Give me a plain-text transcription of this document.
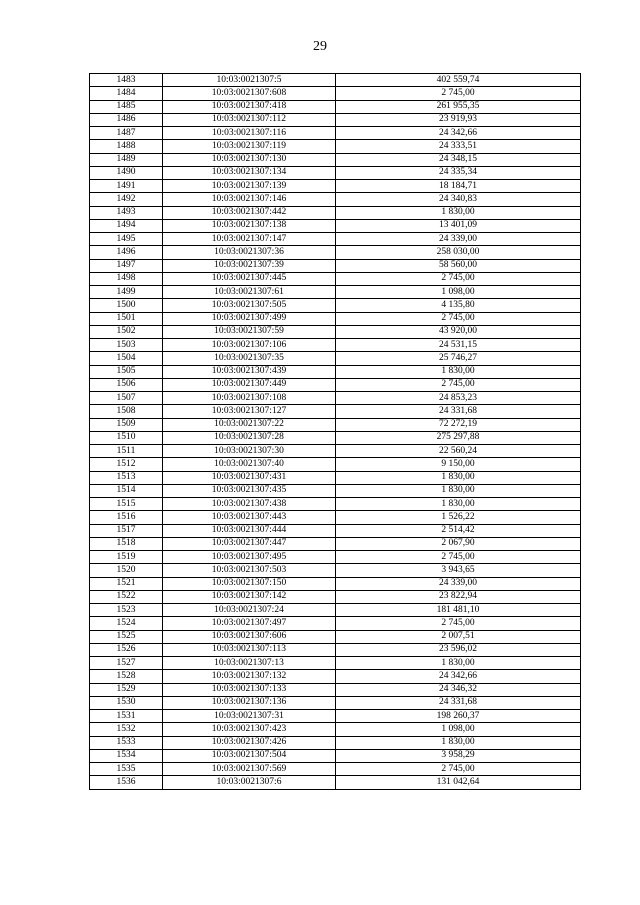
29
1483	10:03:0021307:5	402 559,74
1484	10:03:0021307:608	2 745,00
1485	10:03:0021307:418	261 955,35
1486	10:03:0021307:112	23 919,93
1487	10:03:0021307:116	24 342,66
1488	10:03:0021307:119	24 333,51
1489	10:03:0021307:130	24 348,15
1490	10:03:0021307:134	24 335,34
1491	10:03:0021307:139	18 184,71
1492	10:03:0021307:146	24 340,83
1493	10:03:0021307:442	1 830,00
1494	10:03:0021307:138	13 401,09
1495	10:03:0021307:147	24 339,00
1496	10:03:0021307:36	258 030,00
1497	10:03:0021307:39	58 560,00
1498	10:03:0021307:445	2 745,00
1499	10:03:0021307:61	1 098,00
1500	10:03:0021307:505	4 135,80
1501	10:03:0021307:499	2 745,00
1502	10:03:0021307:59	43 920,00
1503	10:03:0021307:106	24 531,15
1504	10:03:0021307:35	25 746,27
1505	10:03:0021307:439	1 830,00
1506	10:03:0021307:449	2 745,00
1507	10:03:0021307:108	24 853,23
1508	10:03:0021307:127	24 331,68
1509	10:03:0021307:22	72 272,19
1510	10:03:0021307:28	275 297,88
1511	10:03:0021307:30	22 560,24
1512	10:03:0021307:40	9 150,00
1513	10:03:0021307:431	1 830,00
1514	10:03:0021307:435	1 830,00
1515	10:03:0021307:438	1 830,00
1516	10:03:0021307:443	1 526,22
1517	10:03:0021307:444	2 514,42
1518	10:03:0021307:447	2 067,90
1519	10:03:0021307:495	2 745,00
1520	10:03:0021307:503	3 943,65
1521	10:03:0021307:150	24 339,00
1522	10:03:0021307:142	23 822,94
1523	10:03:0021307:24	181 481,10
1524	10:03:0021307:497	2 745,00
1525	10:03:0021307:606	2 007,51
1526	10:03:0021307:113	23 596,02
1527	10:03:0021307:13	1 830,00
1528	10:03:0021307:132	24 342,66
1529	10:03:0021307:133	24 346,32
1530	10:03:0021307:136	24 331,68
1531	10:03:0021307:31	198 260,37
1532	10:03:0021307:423	1 098,00
1533	10:03:0021307:426	1 830,00
1534	10:03:0021307:504	3 958,29
1535	10:03:0021307:569	2 745,00
1536	10:03:0021307:6	131 042,64
